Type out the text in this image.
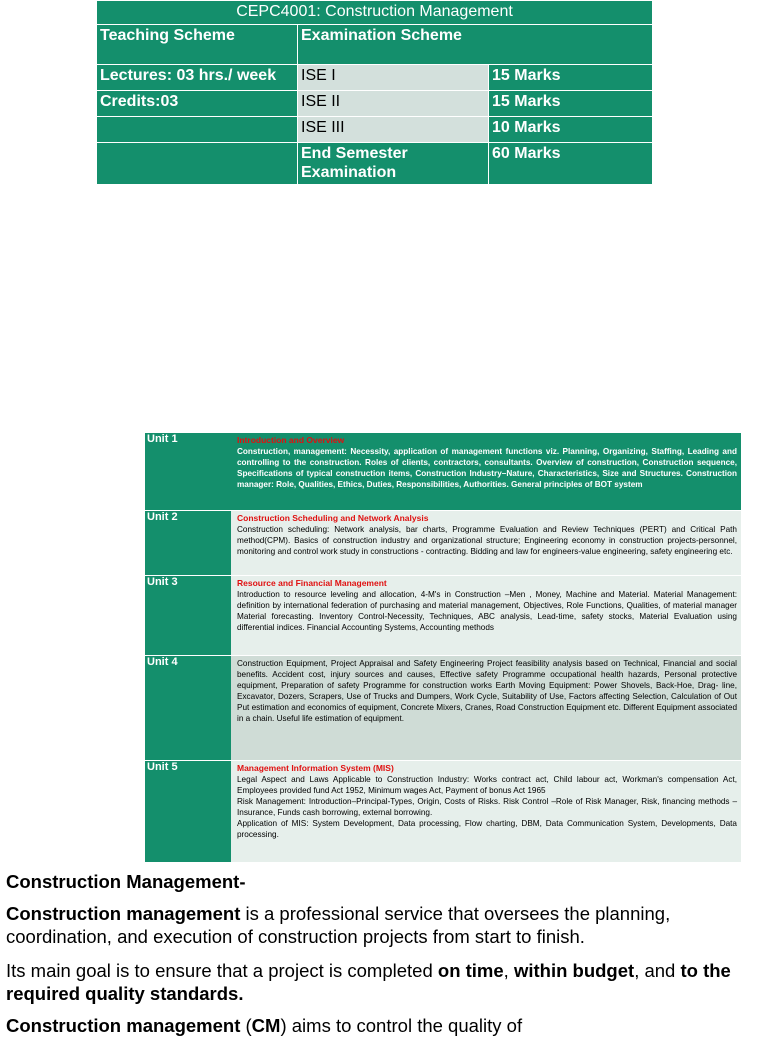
CEPC4001: Construction Management		
Teaching Scheme	Examination Scheme	
Lectures: 03 hrs./ week	ISE I	15 Marks
Credits:03	ISE II	15 Marks
	ISE III	10 Marks
	End Semester Examination	60 Marks
Unit 1	Introduction and Overview
Construction, management: Necessity, application of management functions viz. Planning, Organizing, Staffing, Leading and controlling to the construction. Roles of clients, contractors, consultants. Overview of construction, Construction sequence, Specifications of typical construction items, Construction Industry–Nature, Characteristics, Size and Structures. Construction manager: Role, Qualities, Ethics, Duties, Responsibilities, Authorities. General principles of BOT system
Unit 2	Construction Scheduling and Network Analysis
Construction scheduling: Network analysis, bar charts, Programme Evaluation and Review Techniques (PERT) and Critical Path method(CPM). Basics of construction industry and organizational structure; Engineering economy in construction projects-personnel, monitoring and control work study in constructions - contracting. Bidding and law for engineers-value engineering, safety engineering etc.
Unit 3	Resource and Financial Management
Introduction to resource leveling and allocation, 4-M's in Construction –Men , Money, Machine and Material. Material Management: definition by international federation of purchasing and material management, Objectives, Role Functions, Qualities, of material manager Material forecasting. Inventory Control-Necessity, Techniques, ABC analysis, Lead-time, safety stocks, Material Evaluation using differential indices. Financial Accounting Systems, Accounting methods
Unit 4	Construction Equipment, Project Appraisal and Safety Engineering Project feasibility analysis based on Technical, Financial and social benefits. Accident cost, injury sources and causes, Effective safety Programme occupational health hazards, Personal protective equipment, Preparation of safety Programme for construction works Earth Moving Equipment: Power Shovels, Back-Hoe, Drag- line, Excavator, Dozers, Scrapers, Use of Trucks and Dumpers, Work Cycle, Suitability of Use, Factors affecting Selection, Calculation of Out Put estimation and economics of equipment, Concrete Mixers, Cranes, Road Construction Equipment etc. Different Equipment associated in a chain. Useful life estimation of equipment.
Unit 5	Management Information System (MIS)
Legal Aspect and Laws Applicable to Construction Industry: Works contract act, Child labour act, Workman's compensation Act, Employees provided fund Act 1952, Minimum wages Act, Payment of bonus Act 1965
Risk Management: Introduction–Principal-Types, Origin, Costs of Risks. Risk Control –Role of Risk Manager, Risk, financing methods –Insurance, Funds cash borrowing, external borrowing.
Application of MIS: System Development, Data processing, Flow charting, DBM, Data Communication System, Developments, Data processing.
Construction Management-
Construction management is a professional service that oversees the planning, coordination, and execution of construction projects from start to finish.
Its main goal is to ensure that a project is completed on time, within budget, and to the required quality standards.
Construction management (CM) aims to control the quality of
